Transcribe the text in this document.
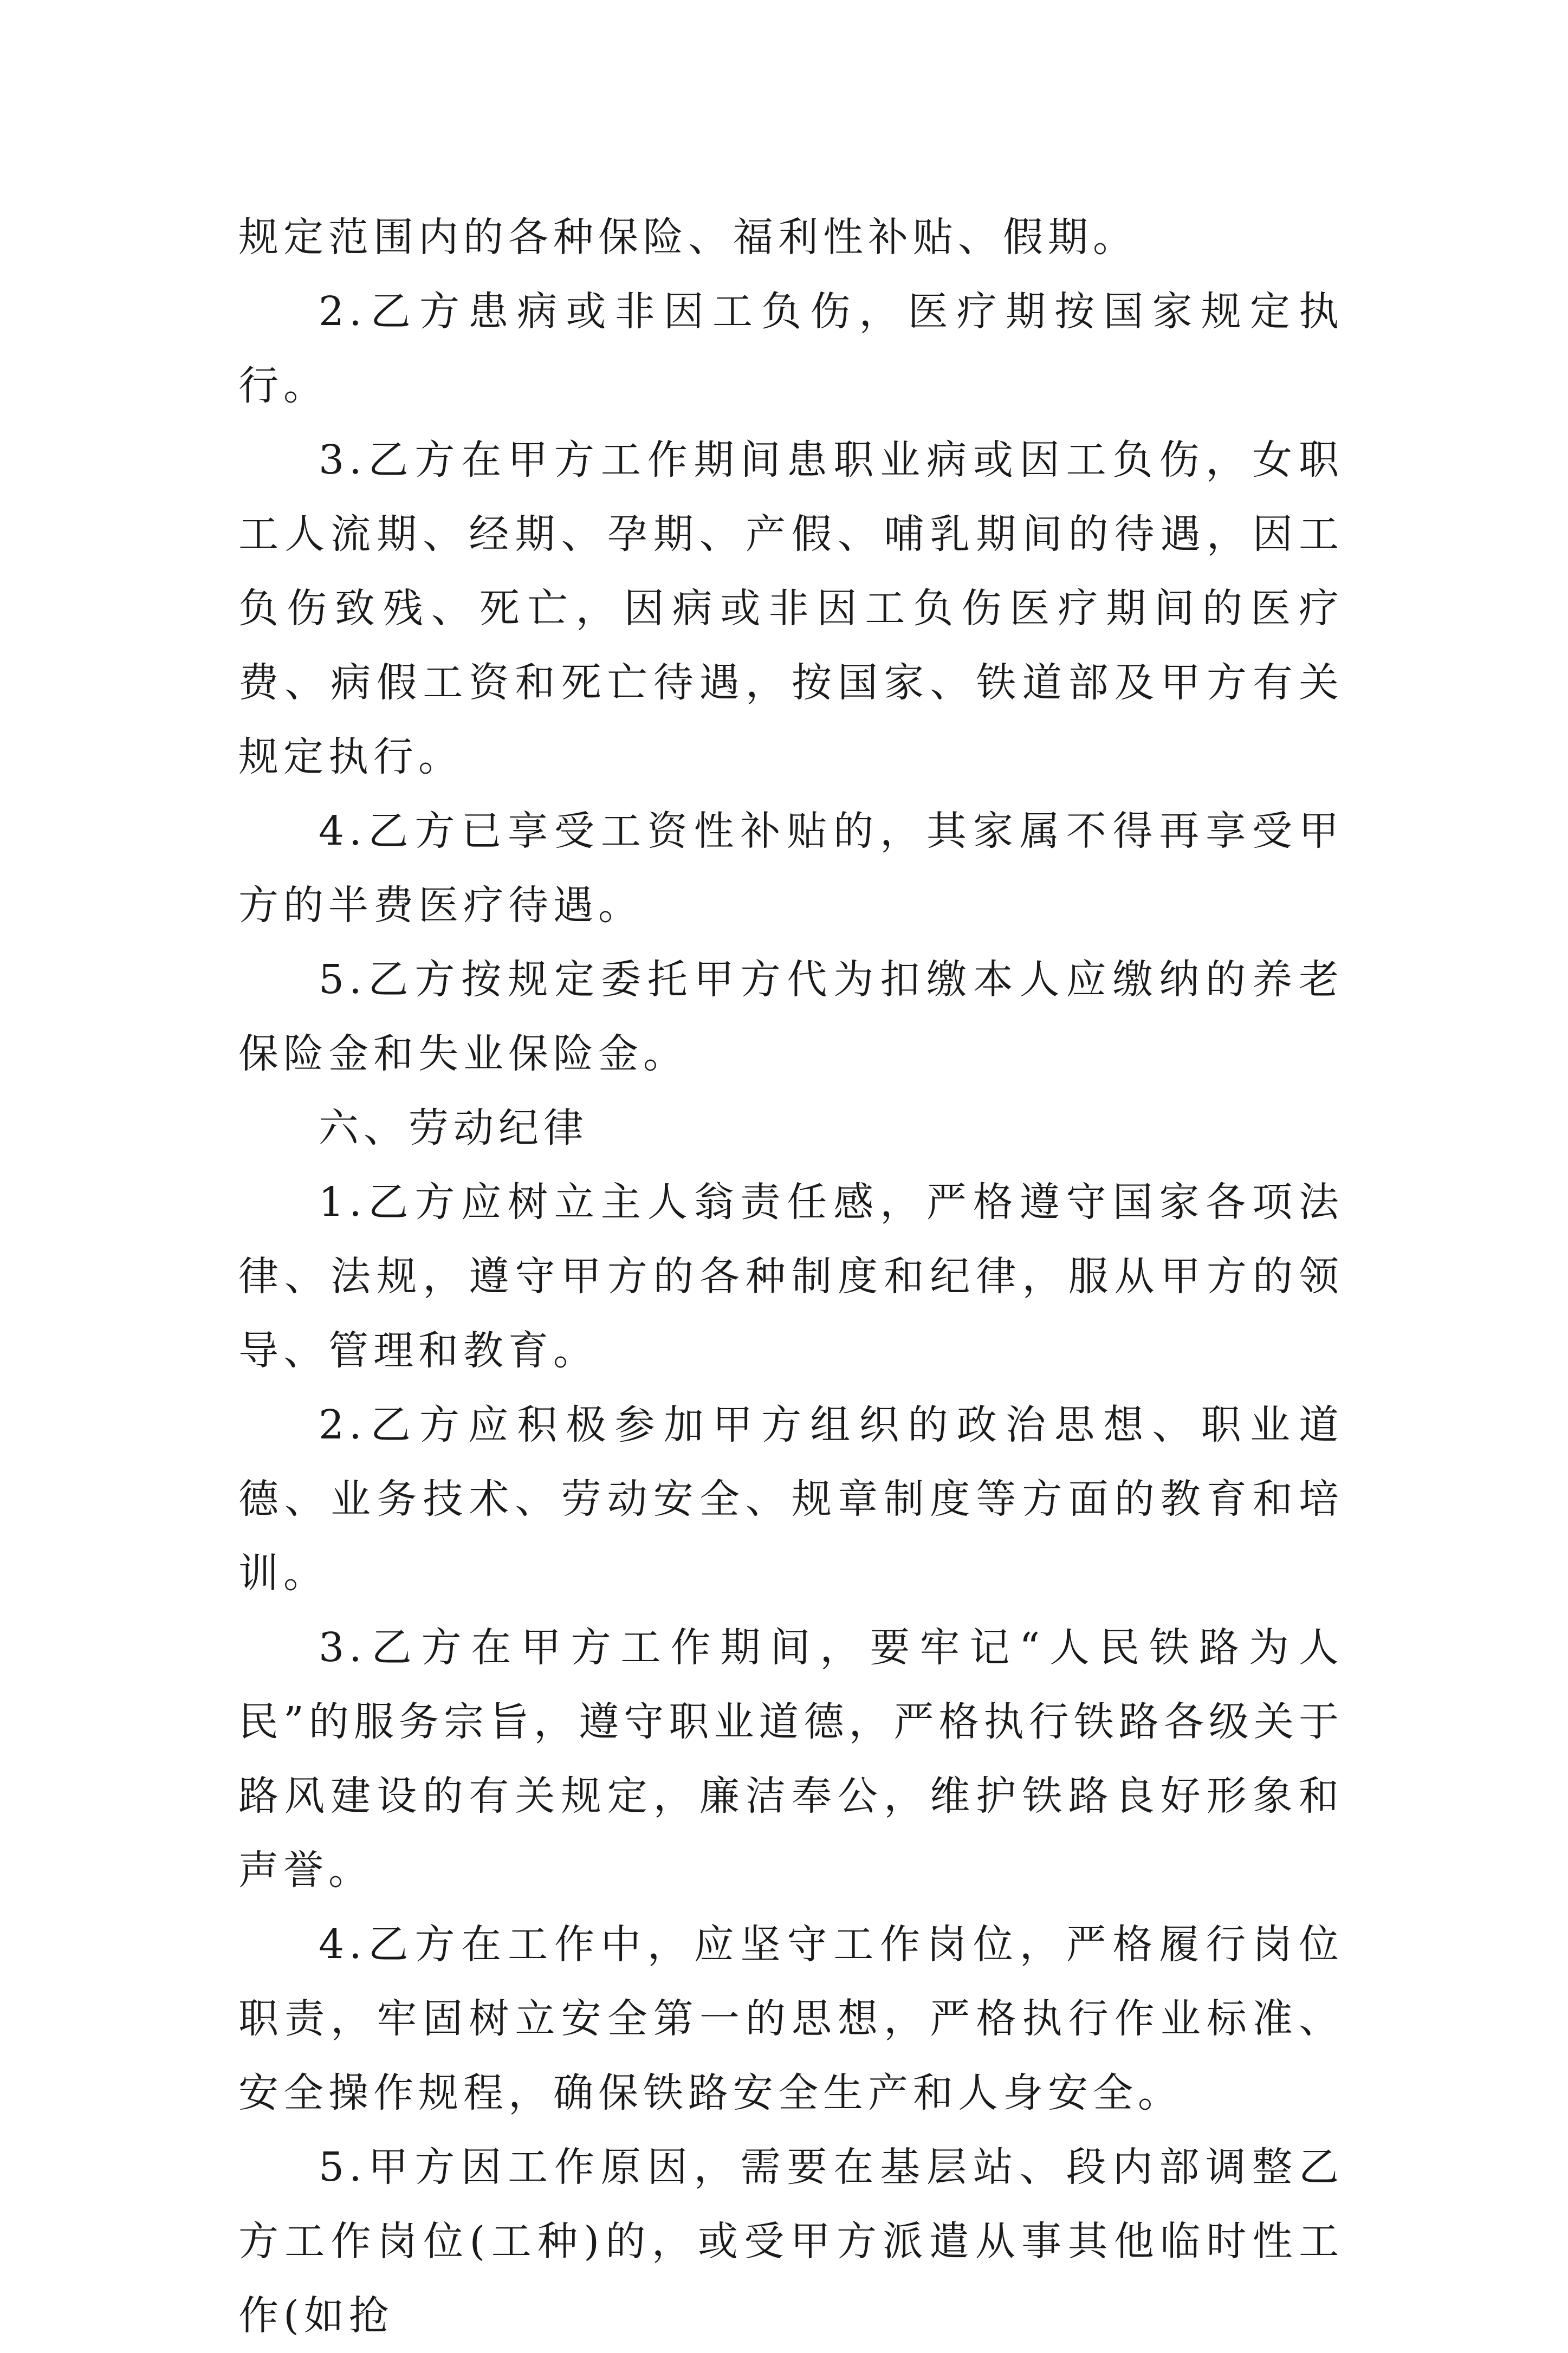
规定范围内的各种保险、福利性补贴、假期。

2.乙方患病或非因工负伤，医疗期按国家规定执行。

3.乙方在甲方工作期间患职业病或因工负伤，女职工人流期、经期、孕期、产假、哺乳期间的待遇，因工负伤致残、死亡，因病或非因工负伤医疗期间的医疗费、病假工资和死亡待遇，按国家、铁道部及甲方有关规定执行。

4.乙方已享受工资性补贴的，其家属不得再享受甲方的半费医疗待遇。

5.乙方按规定委托甲方代为扣缴本人应缴纳的养老保险金和失业保险金。

六、劳动纪律

1.乙方应树立主人翁责任感，严格遵守国家各项法律、法规，遵守甲方的各种制度和纪律，服从甲方的领导、管理和教育。

2.乙方应积极参加甲方组织的政治思想、职业道德、业务技术、劳动安全、规章制度等方面的教育和培训。

3.乙方在甲方工作期间，要牢记“人民铁路为人民”的服务宗旨，遵守职业道德，严格执行铁路各级关于路风建设的有关规定，廉洁奉公，维护铁路良好形象和声誉。

4.乙方在工作中，应坚守工作岗位，严格履行岗位职责，牢固树立安全第一的思想，严格执行作业标准、安全操作规程，确保铁路安全生产和人身安全。

5.甲方因工作原因，需要在基层站、段内部调整乙方工作岗位(工种)的，或受甲方派遣从事其他临时性工作(如抢
